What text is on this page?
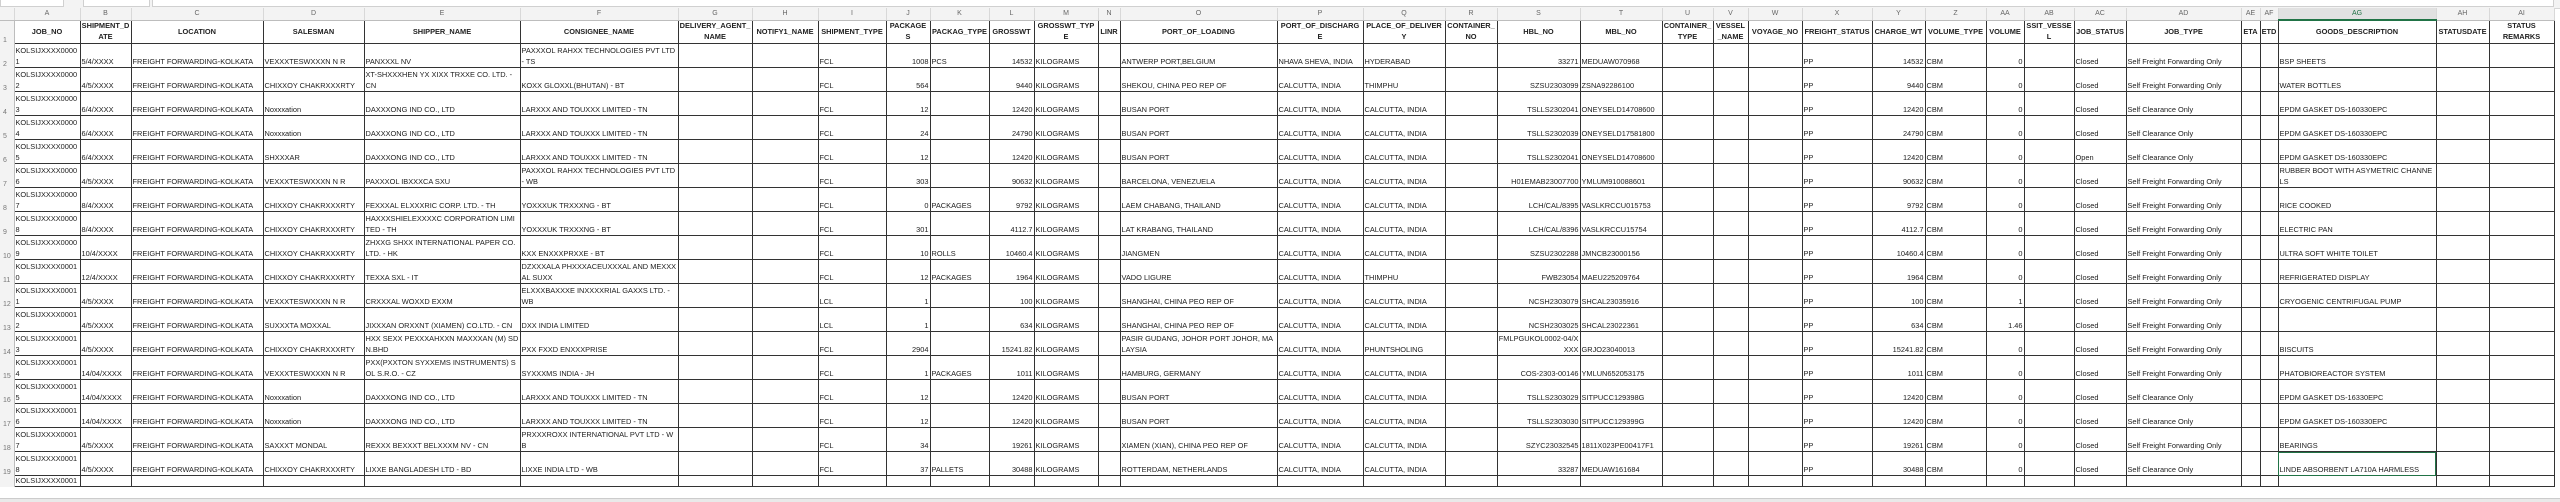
	A	B	C	D	E	F	G	H	I	J	K	L	M	N	O	P	Q	R	S	T	U	V	W	X	Y	Z	AA	AB	AC	AD	AE	AF	AG	AH	AI
1	JOB_NO	SHIPMENT_DATE	LOCATION	SALESMAN	SHIPPER_NAME	CONSIGNEE_NAME	DELIVERY_AGENT_NAME	NOTIFY1_NAME	SHIPMENT_TYPE	PACKAGES	PACKAG_TYPE	GROSSWT	GROSSWT_TYPE	LINR	PORT_OF_LOADING	PORT_OF_DISCHARGE	PLACE_OF_DELIVERY	CONTAINER_NO	HBL_NO	MBL_NO	CONTAINER_TYPE	VESSEL_NAME	VOYAGE_NO	FREIGHT_STATUS	CHARGE_WT	VOLUME_TYPE	VOLUME	SSIT_VESSEL	JOB_STATUS	JOB_TYPE	ETA	ETD	GOODS_DESCRIPTION	STATUSDATE	STATUS REMARKS
2	KOLSIJXXXX00001	5/4/XXXX	FREIGHT FORWARDING-KOLKATA	VEXXXTESWXXXN N R	PANXXXL NV	PAXXXOL RAHXX TECHNOLOGIES PVT LTD - TS			FCL	1008	PCS	14532	KILOGRAMS		ANTWERP PORT,BELGIUM	NHAVA SHEVA, INDIA	HYDERABAD		33271	MEDUAW070968				PP	14532	CBM	0		Closed	Self Freight Forwarding Only			BSP SHEETS		
3	KOLSIJXXXX00002	4/5/XXXX	FREIGHT FORWARDING-KOLKATA	CHIXXOY CHAKRXXXRTY	XT-SHXXXHEN YX XIXX TRXXE CO. LTD. - CN	KOXX GLOXXL(BHUTAN) - BT			FCL	564		9440	KILOGRAMS		SHEKOU, CHINA PEO REP OF	CALCUTTA, INDIA	THIMPHU		SZSU2303099	ZSNA92286100				PP	9440	CBM	0		Closed	Self Freight Forwarding Only			WATER BOTTLES		
4	KOLSIJXXXX00003	6/4/XXXX	FREIGHT FORWARDING-KOLKATA	Noxxxation	DAXXXONG IND CO., LTD	LARXXX AND TOUXXX LIMITED - TN			FCL	12		12420	KILOGRAMS		BUSAN PORT	CALCUTTA, INDIA	CALCUTTA, INDIA		TSLLS2302041	ONEYSELD14708600				PP	12420	CBM	0		Closed	Self Clearance Only			EPDM GASKET DS-160330EPC		
5	KOLSIJXXXX00004	6/4/XXXX	FREIGHT FORWARDING-KOLKATA	Noxxxation	DAXXXONG IND CO., LTD	LARXXX AND TOUXXX LIMITED - TN			FCL	24		24790	KILOGRAMS		BUSAN PORT	CALCUTTA, INDIA	CALCUTTA, INDIA		TSLLS2302039	ONEYSELD17581800				PP	24790	CBM	0		Closed	Self Clearance Only			EPDM GASKET DS-160330EPC		
6	KOLSIJXXXX00005	6/4/XXXX	FREIGHT FORWARDING-KOLKATA	SHXXXAR	DAXXXONG IND CO., LTD	LARXXX AND TOUXXX LIMITED - TN			FCL	12		12420	KILOGRAMS		BUSAN PORT	CALCUTTA, INDIA	CALCUTTA, INDIA		TSLLS2302041	ONEYSELD14708600				PP	12420	CBM	0		Open	Self Clearance Only			EPDM GASKET DS-160330EPC		
7	KOLSIJXXXX00006	4/5/XXXX	FREIGHT FORWARDING-KOLKATA	VEXXXTESWXXXN N R	PAXXXOL IBXXXCA SXU	PAXXXOL RAHXX TECHNOLOGIES PVT LTD - WB			FCL	303		90632	KILOGRAMS		BARCELONA, VENEZUELA	CALCUTTA, INDIA	CALCUTTA, INDIA		H01EMAB23007700	YMLUM910088601				PP	90632	CBM	0		Closed	Self Freight Forwarding Only			RUBBER BOOT WITH ASYMETRIC CHANNELS		
8	KOLSIJXXXX00007	8/4/XXXX	FREIGHT FORWARDING-KOLKATA	CHIXXOY CHAKRXXXRTY	FEXXXAL ELXXXRIC CORP. LTD. - TH	YOXXXUK TRXXXNG - BT			FCL	0	PACKAGES	9792	KILOGRAMS		LAEM CHABANG, THAILAND	CALCUTTA, INDIA	CALCUTTA, INDIA		LCH/CAL/8395	VASLKRCCU015753				PP	9792	CBM	0		Closed	Self Freight Forwarding Only			RICE COOKED		
9	KOLSIJXXXX00008	8/4/XXXX	FREIGHT FORWARDING-KOLKATA	CHIXXOY CHAKRXXXRTY	HAXXXSHIELEXXXXC CORPORATION LIMITED - TH	YOXXXUK TRXXXNG - BT			FCL	301		4112.7	KILOGRAMS		LAT KRABANG, THAILAND	CALCUTTA, INDIA	CALCUTTA, INDIA		LCH/CAL/8396	VASLKRCCU15754				PP	4112.7	CBM	0		Closed	Self Freight Forwarding Only			ELECTRIC PAN		
10	KOLSIJXXXX00009	10/4/XXXX	FREIGHT FORWARDING-KOLKATA	CHIXXOY CHAKRXXXRTY	ZHXXG SHXX INTERNATIONAL PAPER CO. LTD. - HK	KXX ENXXXPRXXE - BT			FCL	10	ROLLS	10460.4	KILOGRAMS		JIANGMEN	CALCUTTA, INDIA	CALCUTTA, INDIA		SZSU2302288	JMNCB23000156				PP	10460.4	CBM	0		Closed	Self Freight Forwarding Only			ULTRA SOFT WHITE TOILET		
11	KOLSIJXXXX00010	12/4/XXXX	FREIGHT FORWARDING-KOLKATA	CHIXXOY CHAKRXXXRTY	TEXXA SXL - IT	DZXXXALA PHXXXACEUXXXAL AND MEXXXAL SUXX			FCL	12	PACKAGES	1964	KILOGRAMS		VADO LIGURE	CALCUTTA, INDIA	THIMPHU		FWB23054	MAEU225209764				PP	1964	CBM	0		Closed	Self Freight Forwarding Only			REFRIGERATED DISPLAY		
12	KOLSIJXXXX00011	4/5/XXXX	FREIGHT FORWARDING-KOLKATA	VEXXXTESWXXXN N R	CRXXXAL WOXXD EXXM	ELXXXBAXXXE INXXXXRIAL GAXXS LTD. - WB			LCL	1		100	KILOGRAMS		SHANGHAI, CHINA PEO REP OF	CALCUTTA, INDIA	CALCUTTA, INDIA		NCSH2303079	SHCAL23035916				PP	100	CBM	1		Closed	Self Freight Forwarding Only			CRYOGENIC CENTRIFUGAL PUMP		
13	KOLSIJXXXX00012	4/5/XXXX	FREIGHT FORWARDING-KOLKATA	SUXXXTA MOXXAL	JIXXXAN ORXXNT (XIAMEN) CO.LTD. - CN	DXX INDIA LIMITED			LCL	1		634	KILOGRAMS		SHANGHAI, CHINA PEO REP OF	CALCUTTA, INDIA	CALCUTTA, INDIA		NCSH2303025	SHCAL23022361				PP	634	CBM	1.46		Closed	Self Freight Forwarding Only					
14	KOLSIJXXXX00013	4/5/XXXX	FREIGHT FORWARDING-KOLKATA	CHIXXOY CHAKRXXXRTY	HXX SEXX PEXXXAHXXN MAXXXAN (M) SDN.BHD	PXX FXXD ENXXXPRISE			FCL	2904		15241.82	KILOGRAMS		PASIR GUDANG, JOHOR PORT JOHOR, MALAYSIA	CALCUTTA, INDIA	PHUNTSHOLING		FMLPGUKOL0002-04/XXXX	GRJO23040013				PP	15241.82	CBM	0		Closed	Self Freight Forwarding Only			BISCUITS		
15	KOLSIJXXXX00014	14/04/XXXX	FREIGHT FORWARDING-KOLKATA	VEXXXTESWXXXN N R	PXX(PXXTON SYXXEMS INSTRUMENTS) SOL S.R.O. - CZ	SYXXXMS INDIA - JH			FCL	1	PACKAGES	1011	KILOGRAMS		HAMBURG, GERMANY	CALCUTTA, INDIA	CALCUTTA, INDIA		COS-2303-00146	YMLUN652053175				PP	1011	CBM	0		Closed	Self Freight Forwarding Only			PHATOBIOREACTOR SYSTEM		
16	KOLSIJXXXX00015	14/04/XXXX	FREIGHT FORWARDING-KOLKATA	Noxxxation	DAXXXONG IND CO., LTD	LARXXX AND TOUXXX LIMITED - TN			FCL	12		12420	KILOGRAMS		BUSAN PORT	CALCUTTA, INDIA	CALCUTTA, INDIA		TSLLS2303029	SITPUCC129398G				PP	12420	CBM	0		Closed	Self Clearance Only			EPDM GASKET DS-16330EPC		
17	KOLSIJXXXX00016	14/04/XXXX	FREIGHT FORWARDING-KOLKATA	Noxxxation	DAXXXONG IND CO., LTD	LARXXX AND TOUXXX LIMITED - TN			FCL	12		12420	KILOGRAMS		BUSAN PORT	CALCUTTA, INDIA	CALCUTTA, INDIA		TSLLS2303030	SITPUCC129399G				PP	12420	CBM	0		Closed	Self Clearance Only			EPDM GASKET DS-160330EPC		
18	KOLSIJXXXX00017	4/5/XXXX	FREIGHT FORWARDING-KOLKATA	SAXXXT MONDAL	REXXX BEXXXT BELXXXM NV - CN	PRXXXROXX INTERNATIONAL PVT LTD - WB			FCL	34		19261	KILOGRAMS		XIAMEN (XIAN), CHINA PEO REP OF	CALCUTTA, INDIA	CALCUTTA, INDIA		SZYC23032545	1811X023PE00417F1				PP	19261	CBM	0		Closed	Self Freight Forwarding Only			BEARINGS		
19	KOLSIJXXXX00018	4/5/XXXX	FREIGHT FORWARDING-KOLKATA	CHIXXOY CHAKRXXXRTY	LIXXE BANGLADESH LTD - BD	LIXXE INDIA LTD - WB			FCL	37	PALLETS	30488	KILOGRAMS		ROTTERDAM, NETHERLANDS	CALCUTTA, INDIA	CALCUTTA, INDIA		33287	MEDUAW161684				PP	30488	CBM	0		Closed	Self Clearance Only			LINDE ABSORBENT LA710A HARMLESS		
	KOLSIJXXXX0001																																		
